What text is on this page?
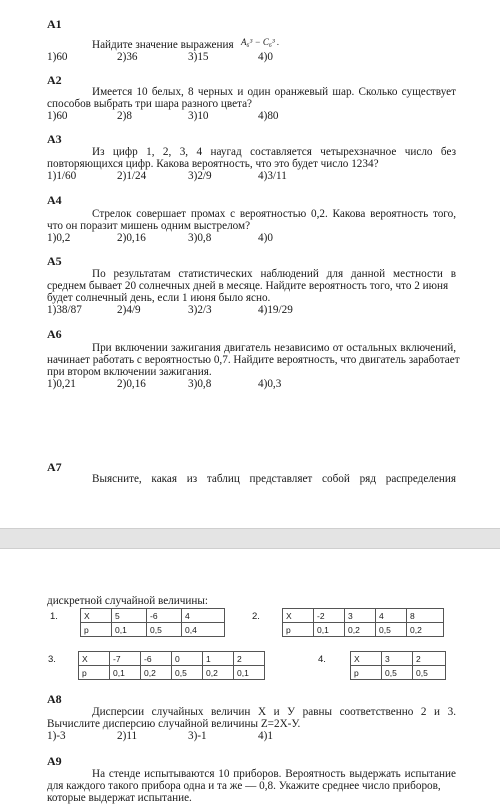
A1
Найдите значение выражения A₆³ − C₆³ .
1)60	2)36	3)15	4)0
A2
Имеется 10 белых, 8 черных и один оранжевый шар. Сколько существует
способов выбрать три шара разного цвета?
1)60	2)8	3)10	4)80
A3
Из цифр 1, 2, 3, 4 наугад составляется четырехзначное число без
повторяющихся цифр. Какова вероятность, что это будет число 1234?
1)1/60	2)1/24	3)2/9	4)3/11
A4
Стрелок совершает промах с вероятностью 0,2. Какова вероятность того,
что он поразит мишень одним выстрелом?
1)0,2	2)0,16	3)0,8	4)0
A5
По результатам статистических наблюдений для данной местности в
среднем бывает 20 солнечных дней в месяце. Найдите вероятность того, что 2 июня
будет солнечный день, если 1 июня было ясно.
1)38/87	2)4/9	3)2/3	4)19/29
A6
При включении зажигания двигатель независимо от остальных включений,
начинает работать с вероятностью 0,7. Найдите вероятность, что двигатель заработает
при втором включении зажигания.
1)0,21	2)0,16	3)0,8	4)0,3
A7
Выясните, какая из таблиц представляет собой ряд распределения
дискретной случайной величины:
1.	X	5	-6	4
p	0,1	0,5	0,4
2.	X	-2	3	4	8
p	0,1	0,2	0,5	0,2
3.	X	-7	-6	0	1	2
p	0,1	0,2	0,5	0,2	0,1
4.	X	3	2
p	0,5	0,5
A8
Дисперсии случайных величин X и У равны соответственно 2 и 3.
Вычислите дисперсию случайной величины Z=2X-У.
1)-3	2)11	3)-1	4)1
A9
На стенде испытываются 10 приборов. Вероятность выдержать испытание
для каждого такого прибора одна и та же — 0,8. Укажите среднее число приборов,
которые выдержат испытание.
